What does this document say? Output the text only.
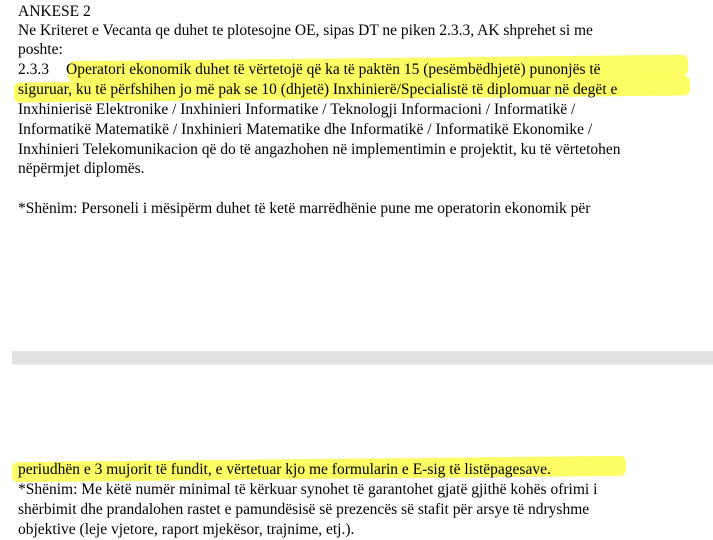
ANKESE 2
Ne Kriteret e Vecanta qe duhet te plotesojne OE, sipas DT ne piken 2.3.3, AK shprehet si me
poshte:
2.3.3 Operatori ekonomik duhet të vërtetojë që ka të paktën 15 (pesëmbëdhjetë) punonjës të
siguruar, ku të përfshihen jo më pak se 10 (dhjetë) Inxhinierë/Specialistë të diplomuar në degët e
Inxhinierisë Elektronike / Inxhinieri Informatike / Teknologji Informacioni / Informatikë /
Informatikë Matematikë / Inxhinieri Matematike dhe Informatikë / Informatikë Ekonomike /
Inxhinieri Telekomunikacion që do të angazhohen në implementimin e projektit, ku të vërtetohen
nëpërmjet diplomës.
*Shënim: Personeli i mësipërm duhet të ketë marrëdhënie pune me operatorin ekonomik për
periudhën e 3 mujorit të fundit, e vërtetuar kjo me formularin e E-sig të listëpagesave.
*Shënim: Me këtë numër minimal të kërkuar synohet të garantohet gjatë gjithë kohës ofrimi i
shërbimit dhe prandalohen rastet e pamundësisë së prezencës së stafit për arsye të ndryshme
objektive (leje vjetore, raport mjekësor, trajnime, etj.).
